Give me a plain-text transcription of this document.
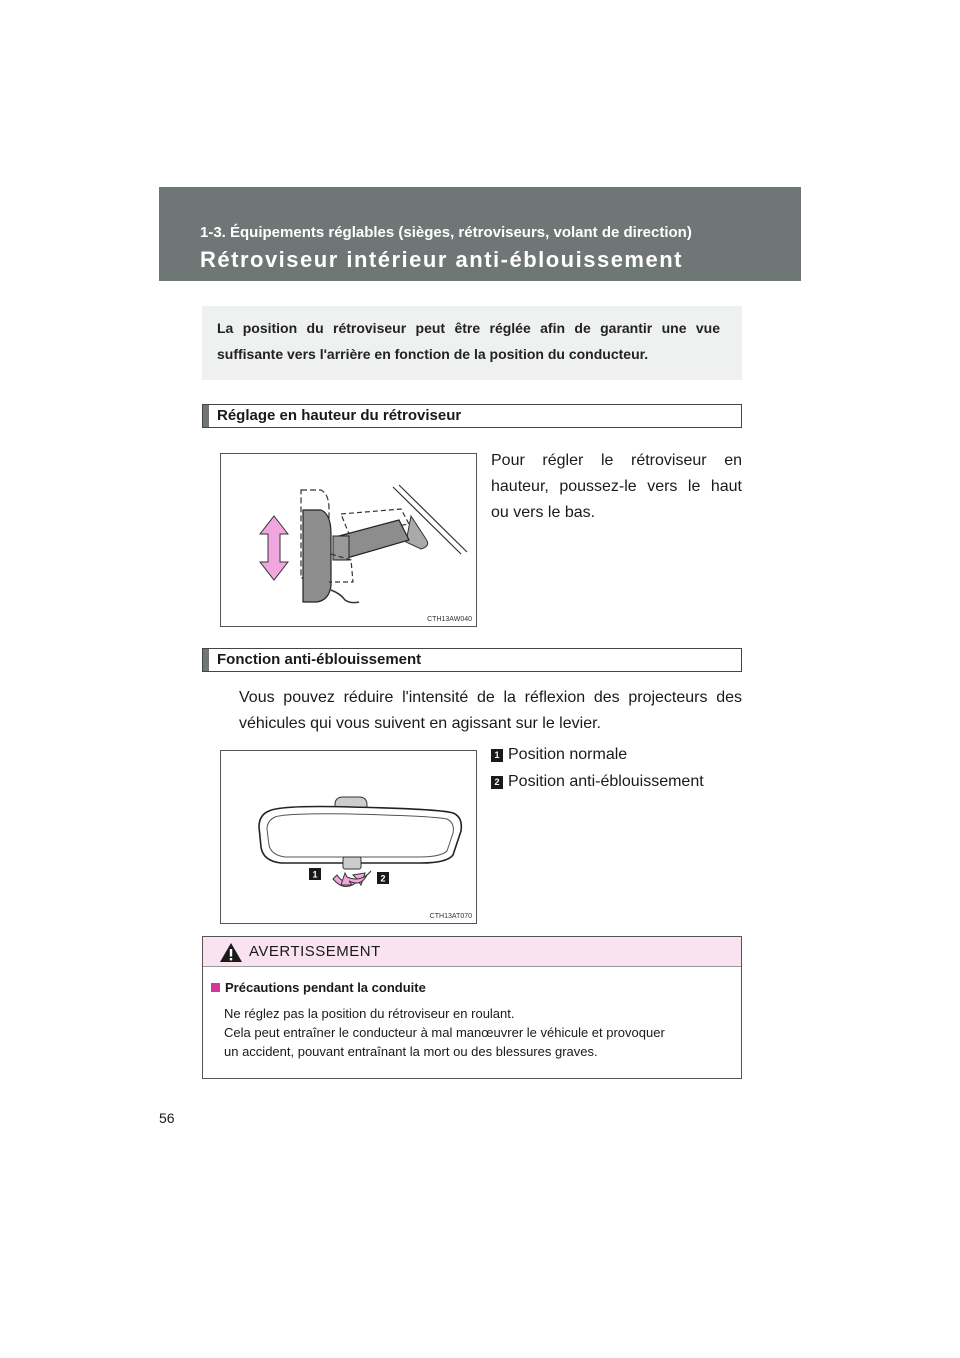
1-3. Équipements réglables (sièges, rétroviseurs, volant de direction)
Rétroviseur intérieur anti-éblouissement
La position du rétroviseur peut être réglée afin de garantir une vue suffisante vers l'arrière en fonction de la position du conducteur.
Réglage en hauteur du rétroviseur
CTH13AW040
Pour régler le rétroviseur en
hauteur, poussez-le vers le haut
ou vers le bas.
Fonction anti-éblouissement
Vous pouvez réduire l'intensité de la réflexion des projecteurs des
véhicules qui vous suivent en agissant sur le levier.
1	2
CTH13AT070
1 Position normale
2 Position anti-éblouissement
AVERTISSEMENT
Précautions pendant la conduite
Ne réglez pas la position du rétroviseur en roulant.
Cela peut entraîner le conducteur à mal manœuvrer le véhicule et provoquer
un accident, pouvant entraînant la mort ou des blessures graves.
56
